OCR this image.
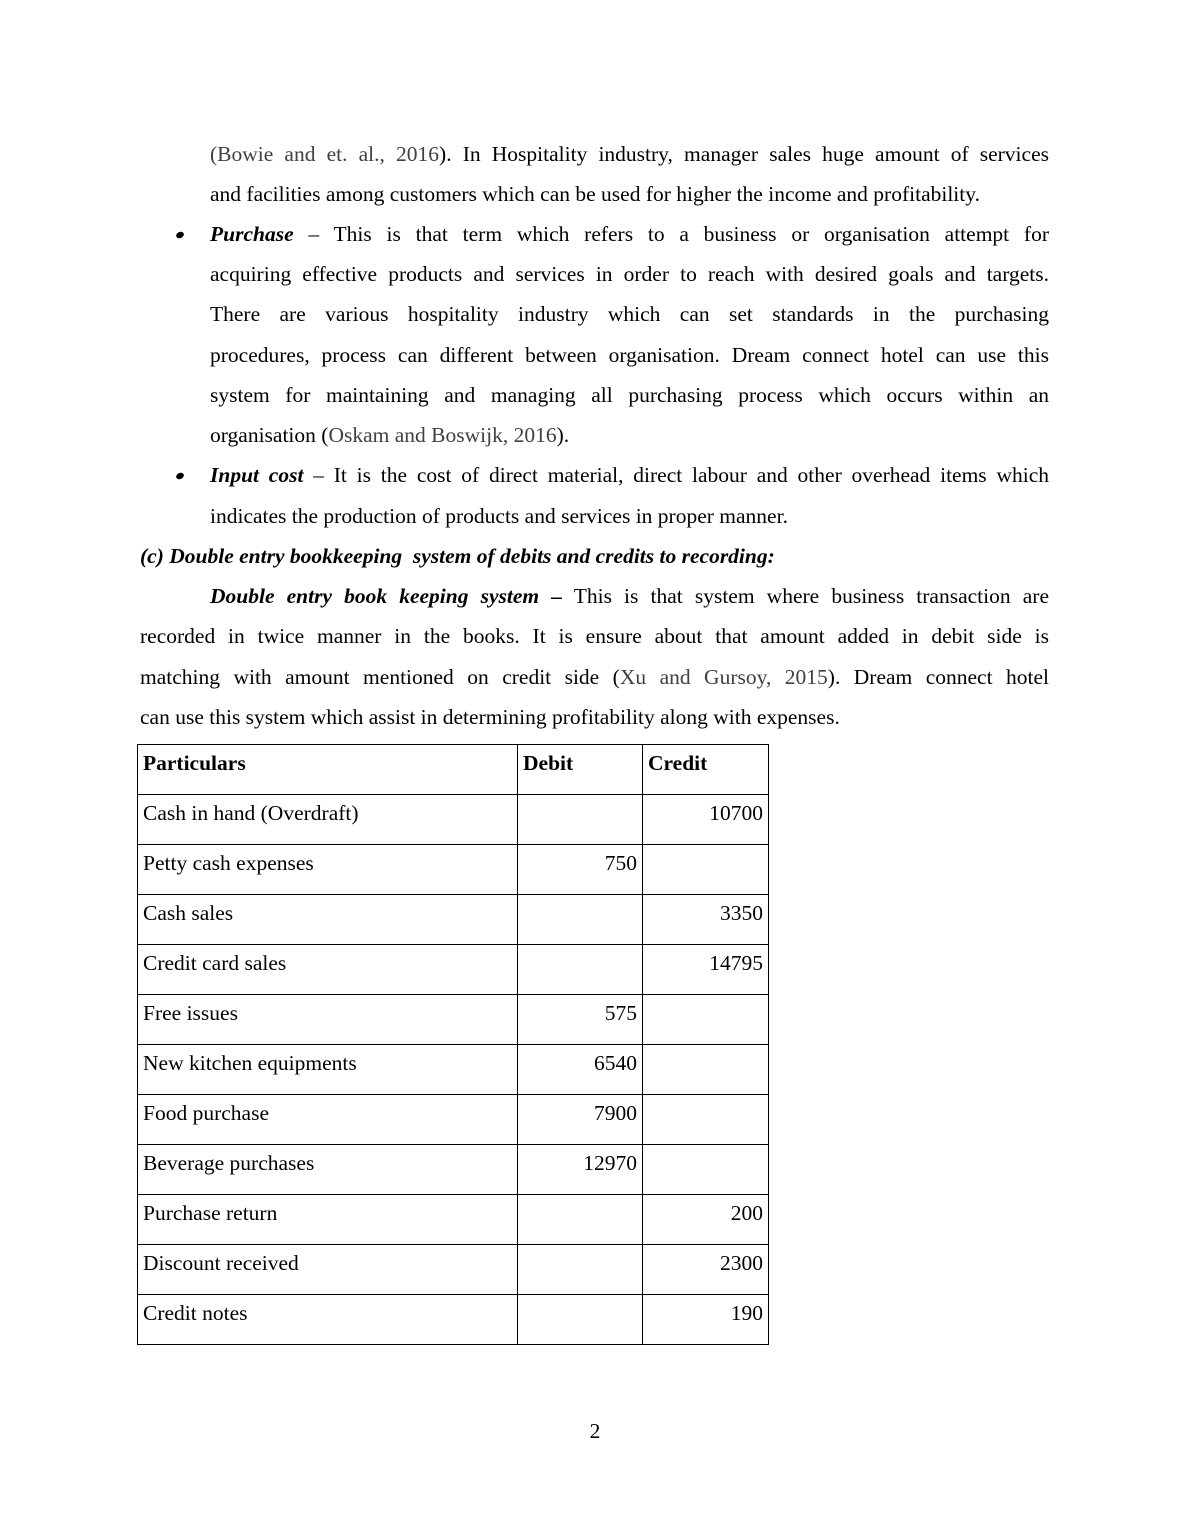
(Bowie and et. al., 2016). In Hospitality industry, manager sales huge amount of services
and facilities among customers which can be used for higher the income and profitability.
Purchase – This is that term which refers to a business or organisation attempt for
acquiring effective products and services in order to reach with desired goals and targets.
There are various hospitality industry which can set standards in the purchasing
procedures, process can different between organisation. Dream connect hotel can use this
system for maintaining and managing all purchasing process which occurs within an
organisation (Oskam and Boswijk, 2016).
Input cost – It is the cost of direct material, direct labour and other overhead items which
indicates the production of products and services in proper manner.
(c) Double entry bookkeeping  system of debits and credits to recording:
Double entry book keeping system – This is that system where business transaction are
recorded in twice manner in the books. It is ensure about that amount added in debit side is
matching with amount mentioned on credit side (Xu and Gursoy, 2015). Dream connect hotel
can use this system which assist in determining profitability along with expenses.
Particulars	Debit	Credit

Cash in hand (Overdraft)		10700

Petty cash expenses	750	

Cash sales		3350

Credit card sales		14795

Free issues	575	

New kitchen equipments	6540	

Food purchase	7900	

Beverage purchases	12970	

Purchase return		200

Discount received		2300

Credit notes		190
2
